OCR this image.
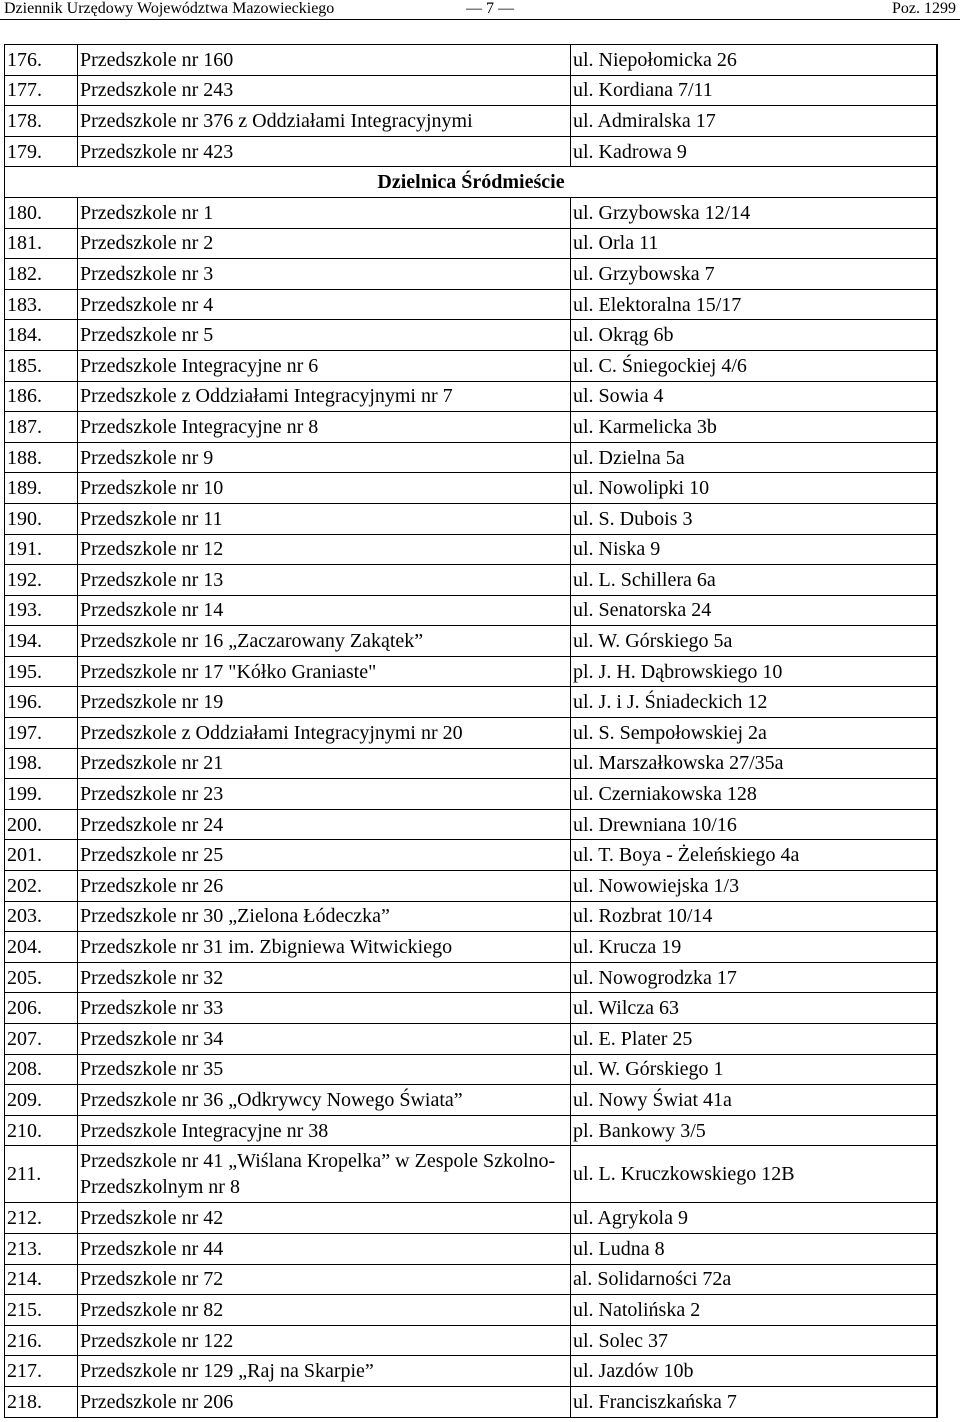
Dziennik Urzędowy Województwa Mazowieckiego	— 7 —	Poz. 1299
176.	Przedszkole nr 160	ul. Niepołomicka 26
177.	Przedszkole nr 243	ul. Kordiana 7/11
178.	Przedszkole nr 376 z Oddziałami Integracyjnymi	ul. Admiralska 17
179.	Przedszkole nr 423	ul. Kadrowa 9
Dzielnica Śródmieście		
180.	Przedszkole nr 1	ul. Grzybowska 12/14
181.	Przedszkole nr 2	ul. Orla 11
182.	Przedszkole nr 3	ul. Grzybowska 7
183.	Przedszkole nr 4	ul. Elektoralna 15/17
184.	Przedszkole nr 5	ul. Okrąg 6b
185.	Przedszkole Integracyjne nr 6	ul. C. Śniegockiej 4/6
186.	Przedszkole z Oddziałami Integracyjnymi nr 7	ul. Sowia 4
187.	Przedszkole Integracyjne nr 8	ul. Karmelicka 3b
188.	Przedszkole nr 9	ul. Dzielna 5a
189.	Przedszkole nr 10	ul. Nowolipki 10
190.	Przedszkole nr 11	ul. S. Dubois 3
191.	Przedszkole nr 12	ul. Niska 9
192.	Przedszkole nr 13	ul. L. Schillera 6a
193.	Przedszkole nr 14	ul. Senatorska 24
194.	Przedszkole nr 16 „Zaczarowany Zakątek”	ul. W. Górskiego 5a
195.	Przedszkole nr 17 "Kółko Graniaste"	pl. J. H. Dąbrowskiego 10
196.	Przedszkole nr 19	ul. J. i J. Śniadeckich 12
197.	Przedszkole z Oddziałami Integracyjnymi nr 20	ul. S. Sempołowskiej 2a
198.	Przedszkole nr 21	ul. Marszałkowska 27/35a
199.	Przedszkole nr 23	ul. Czerniakowska 128
200.	Przedszkole nr 24	ul. Drewniana 10/16
201.	Przedszkole nr 25	ul. T. Boya - Żeleńskiego 4a
202.	Przedszkole nr 26	ul. Nowowiejska 1/3
203.	Przedszkole nr 30 „Zielona Łódeczka”	ul. Rozbrat 10/14
204.	Przedszkole nr 31 im. Zbigniewa Witwickiego	ul. Krucza 19
205.	Przedszkole nr 32	ul. Nowogrodzka 17
206.	Przedszkole nr 33	ul. Wilcza 63
207.	Przedszkole nr 34	ul. E. Plater 25
208.	Przedszkole nr 35	ul. W. Górskiego 1
209.	Przedszkole nr 36 „Odkrywcy Nowego Świata”	ul. Nowy Świat 41a
210.	Przedszkole Integracyjne nr 38	pl. Bankowy 3/5
211.	Przedszkole nr 41 „Wiślana Kropelka” w Zespole Szkolno-Przedszkolnym nr 8	ul. L. Kruczkowskiego 12B
212.	Przedszkole nr 42	ul. Agrykola 9
213.	Przedszkole nr 44	ul. Ludna 8
214.	Przedszkole nr 72	al. Solidarności 72a
215.	Przedszkole nr 82	ul. Natolińska 2
216.	Przedszkole nr 122	ul. Solec 37
217.	Przedszkole nr 129 „Raj na Skarpie”	ul. Jazdów 10b
218.	Przedszkole nr 206	ul. Franciszkańska 7
